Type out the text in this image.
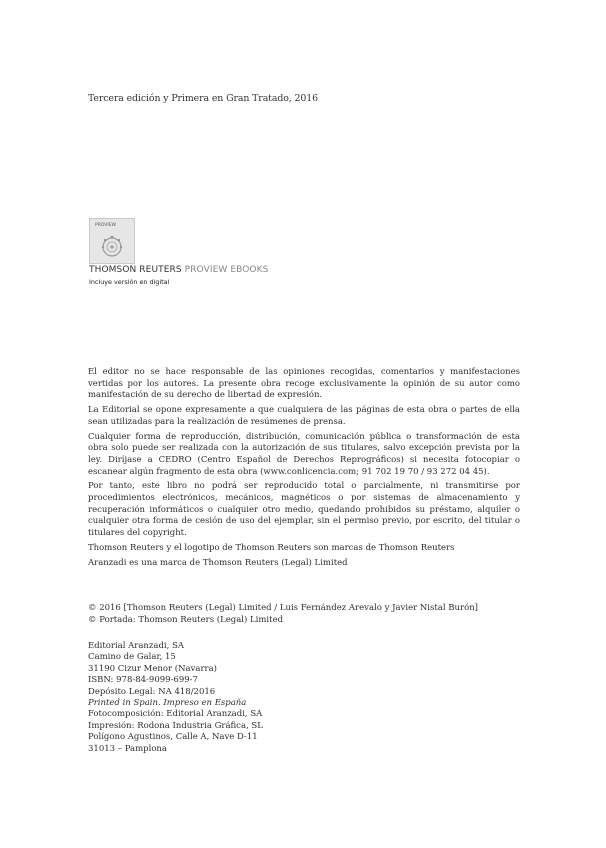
Tercera edición y Primera en Gran Tratado, 2016
PROVIEW
THOMSON REUTERS PROVIEW EBOOKS
Incluye versión en digital

El editor no se hace responsable de las opiniones recogidas, comentarios y manifestaciones vertidas por los autores. La presente obra recoge exclusivamente la opinión de su autor como manifestación de su derecho de libertad de expresión.

La Editorial se opone expresamente a que cualquiera de las páginas de esta obra o partes de ella sean utilizadas para la realización de resúmenes de prensa.

Cualquier forma de reproducción, distribución, comunicación pública o transformación de esta obra solo puede ser realizada con la autorización de sus titulares, salvo excepción prevista por la ley. Diríjase a CEDRO (Centro Español de Derechos Reprográficos) si necesita fotocopiar o escanear algún fragmento de esta obra (www.conlicencia.com; 91 702 19 70 / 93 272 04 45).

Por tanto, este libro no podrá ser reproducido total o parcialmente, ni transmitirse por procedimientos electrónicos, mecánicos, magnéticos o por sistemas de almacenamiento y recuperación informáticos o cualquier otro medio, quedando prohibidos su préstamo, alquiler o cualquier otra forma de cesión de uso del ejemplar, sin el permiso previo, por escrito, del titular o titulares del copyright.

Thomson Reuters y el logotipo de Thomson Reuters son marcas de Thomson Reuters

Aranzadi es una marca de Thomson Reuters (Legal) Limited

© 2016 [Thomson Reuters (Legal) Limited / Luis Fernández Arevalo y Javier Nistal Burón]
© Portada: Thomson Reuters (Legal) Limited
Editorial Aranzadi, SA
Camino de Galar, 15
31190 Cizur Menor (Navarra)
ISBN: 978-84-9099-699-7
Depósito Legal: NA 418/2016
Printed in Spain. Impreso en España
Fotocomposición: Editorial Aranzadi, SA
Impresión: Rodona Industria Gráfica, SL
Polígono Agustinos, Calle A, Nave D-11
31013 – Pamplona
